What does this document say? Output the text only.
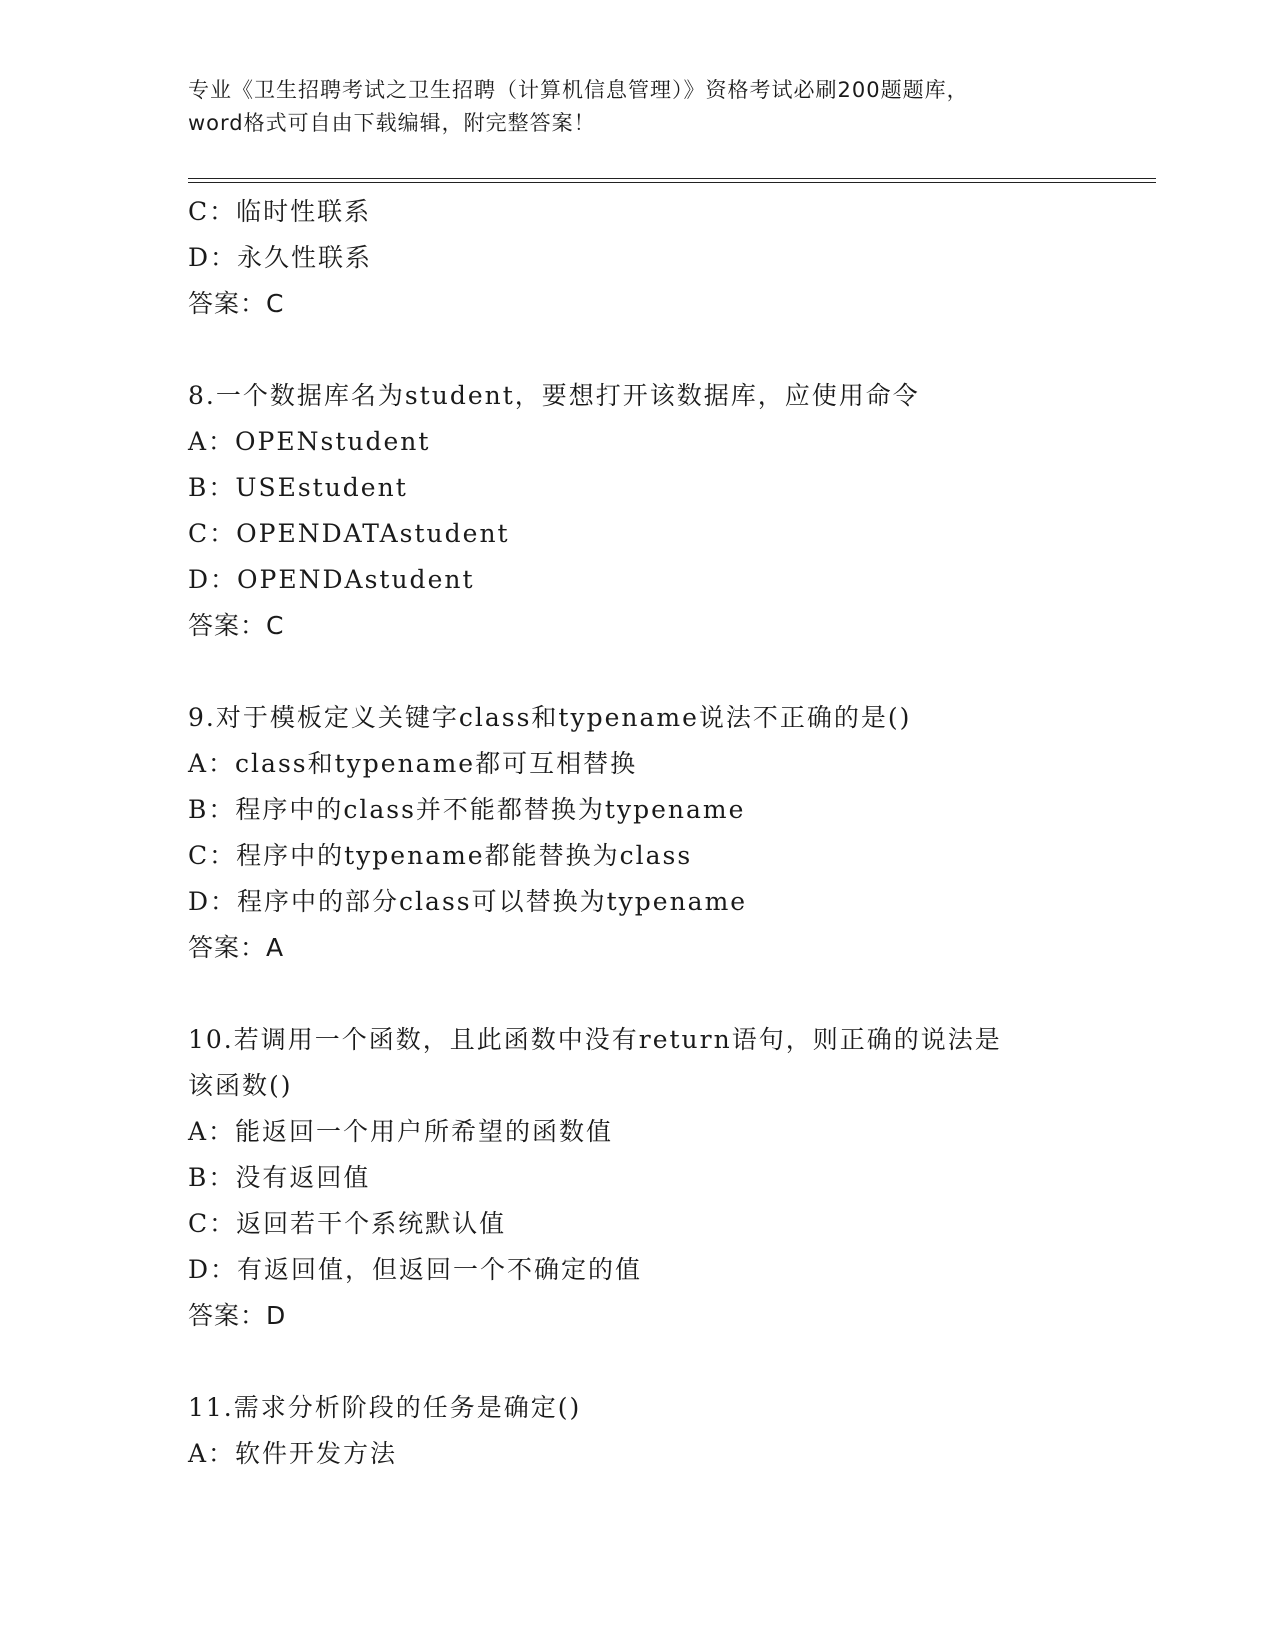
专业《卫生招聘考试之卫生招聘（计算机信息管理）》资格考试必刷200题题库，
word格式可自由下载编辑，附完整答案！
C：临时性联系
D：永久性联系
答案：C
8.一个数据库名为student，要想打开该数据库，应使用命令
A：OPENstudent
B：USEstudent
C：OPENDATAstudent
D：OPENDAstudent
答案：C
9.对于模板定义关键字class和typename说法不正确的是()
A：class和typename都可互相替换
B：程序中的class并不能都替换为typename
C：程序中的typename都能替换为class
D：程序中的部分class可以替换为typename
答案：A
10.若调用一个函数，且此函数中没有return语句，则正确的说法是
该函数()
A：能返回一个用户所希望的函数值
B：没有返回值
C：返回若干个系统默认值
D：有返回值，但返回一个不确定的值
答案：D
11.需求分析阶段的任务是确定()
A：软件开发方法
